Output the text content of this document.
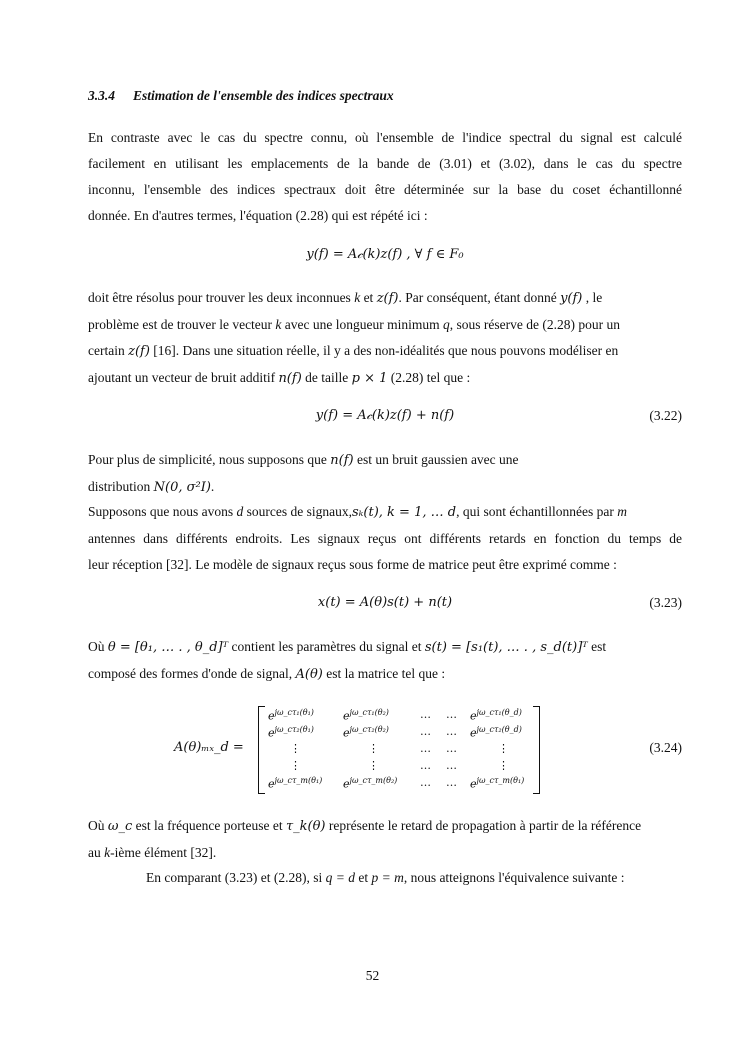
3.3.4 Estimation de l'ensemble des indices spectraux
En contraste avec le cas du spectre connu, où l'ensemble de l'indice spectral du signal est calculé
facilement en utilisant les emplacements de la bande de (3.01) et (3.02), dans le cas du spectre
inconnu, l'ensemble des indices spectraux doit être déterminée sur la base du coset échantillonné
donnée. En d'autres termes, l'équation (2.28) qui est répété ici :
y(f) = A𝒸(k)z(f) , ∀ f ∈ F₀
doit être résolus pour trouver les deux inconnues k et z(f). Par conséquent, étant donné y(f) , le
problème est de trouver le vecteur k avec une longueur minimum q, sous réserve de (2.28) pour un
certain z(f) [16]. Dans une situation réelle, il y a des non-idéalités que nous pouvons modéliser en
ajoutant un vecteur de bruit additif n(f) de taille p × 1 (2.28) tel que :
y(f) = A𝒸(k)z(f) + n(f)	(3.22)
Pour plus de simplicité, nous supposons que n(f) est un bruit gaussien avec une
distribution N(0, σ²I).
Supposons que nous avons d sources de signaux,sₖ(t), k = 1, … d, qui sont échantillonnées par m
antennes dans différents endroits. Les signaux reçus ont différents retards en fonction du temps de
leur réception [32]. Le modèle de signaux reçus sous forme de matrice peut être exprimé comme :
x(t) = A(θ)s(t) + n(t)	(3.23)
Où θ = [θ₁, … . , θ_d]ᵀ contient les paramètres du signal et s(t) = [s₁(t), … . , s_d(t)]ᵀ est
composé des formes d'onde de signal, A(θ) est la matrice tel que :
A(θ)ₘₓ_d =
$e^{j\omega\_c\tau_1(\theta_1)}$	$e^{j\omega\_c\tau_1(\theta_2)}$	… … $e^{j\omega\_c\tau_1(\theta\_d)}$
$e^{j\omega\_c\tau_2(\theta_1)}$	$e^{j\omega\_c\tau_2(\theta_2)}$	… … $e^{j\omega\_c\tau_2(\theta\_d)}$
⋮	⋮	… …	⋮
⋮	⋮	… …	⋮
$e^{j\omega\_c\tau\_m(\theta_1)}$ $e^{j\omega\_c\tau\_m(\theta_2)}$ … … $e^{j\omega\_c\tau\_m(\theta_1)}$
(3.24)
Où ω_c est la fréquence porteuse et τ_k(θ) représente le retard de propagation à partir de la référence
au k-ième élément [32].
En comparant (3.23) et (2.28), si q = d et p = m, nous atteignons l'équivalence suivante :
52
